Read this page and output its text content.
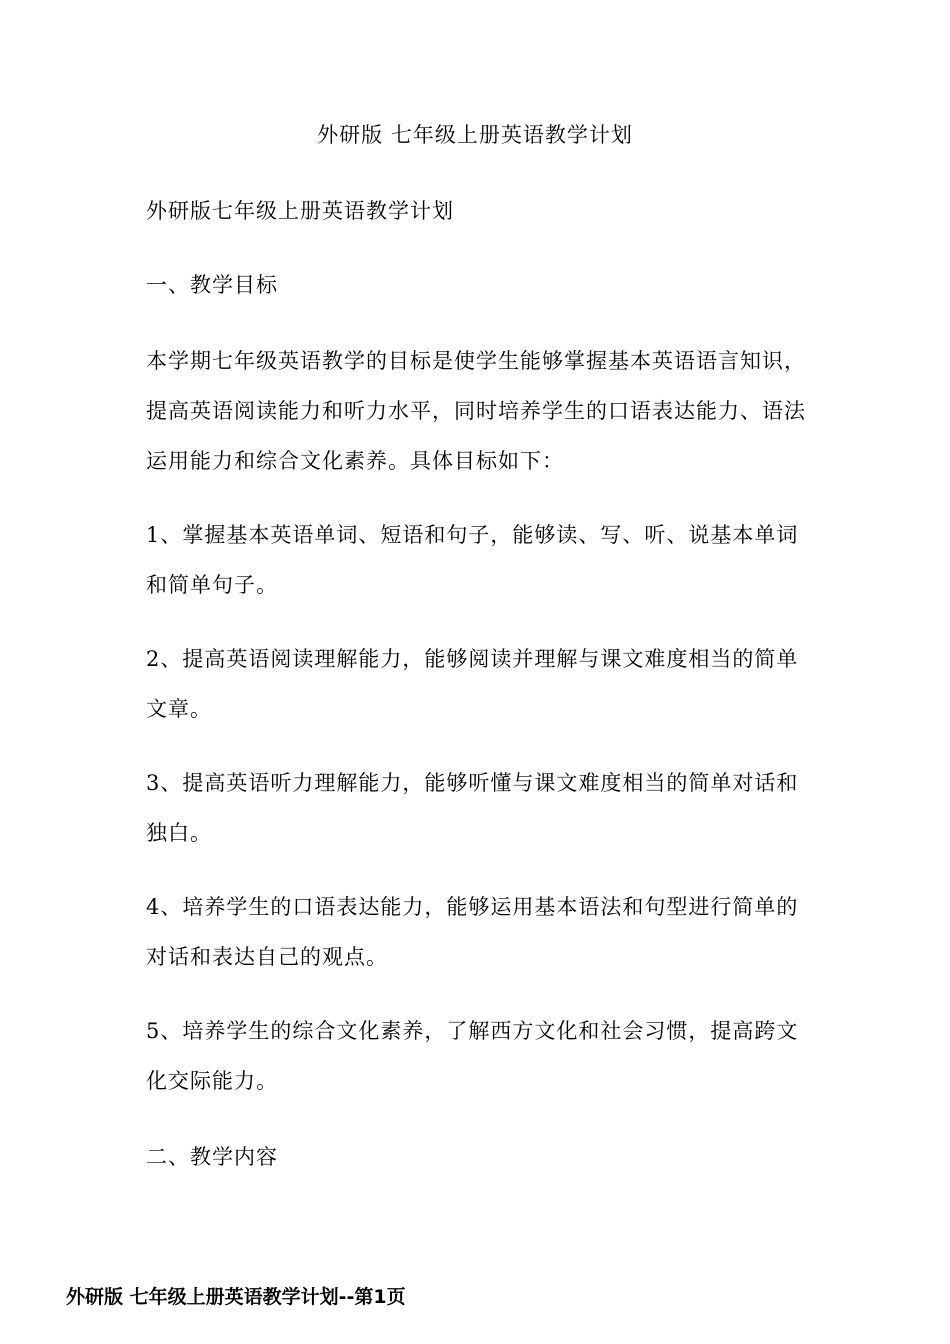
外研版 七年级上册英语教学计划

外研版七年级上册英语教学计划

一、教学目标

本学期七年级英语教学的目标是使学生能够掌握基本英语语言知识，提高英语阅读能力和听力水平，同时培养学生的口语表达能力、语法运用能力和综合文化素养。具体目标如下：

1、掌握基本英语单词、短语和句子，能够读、写、听、说基本单词和简单句子。

2、提高英语阅读理解能力，能够阅读并理解与课文难度相当的简单文章。

3、提高英语听力理解能力，能够听懂与课文难度相当的简单对话和独白。

4、培养学生的口语表达能力，能够运用基本语法和句型进行简单的对话和表达自己的观点。

5、培养学生的综合文化素养，了解西方文化和社会习惯，提高跨文化交际能力。

二、教学内容

外研版 七年级上册英语教学计划--第1页
